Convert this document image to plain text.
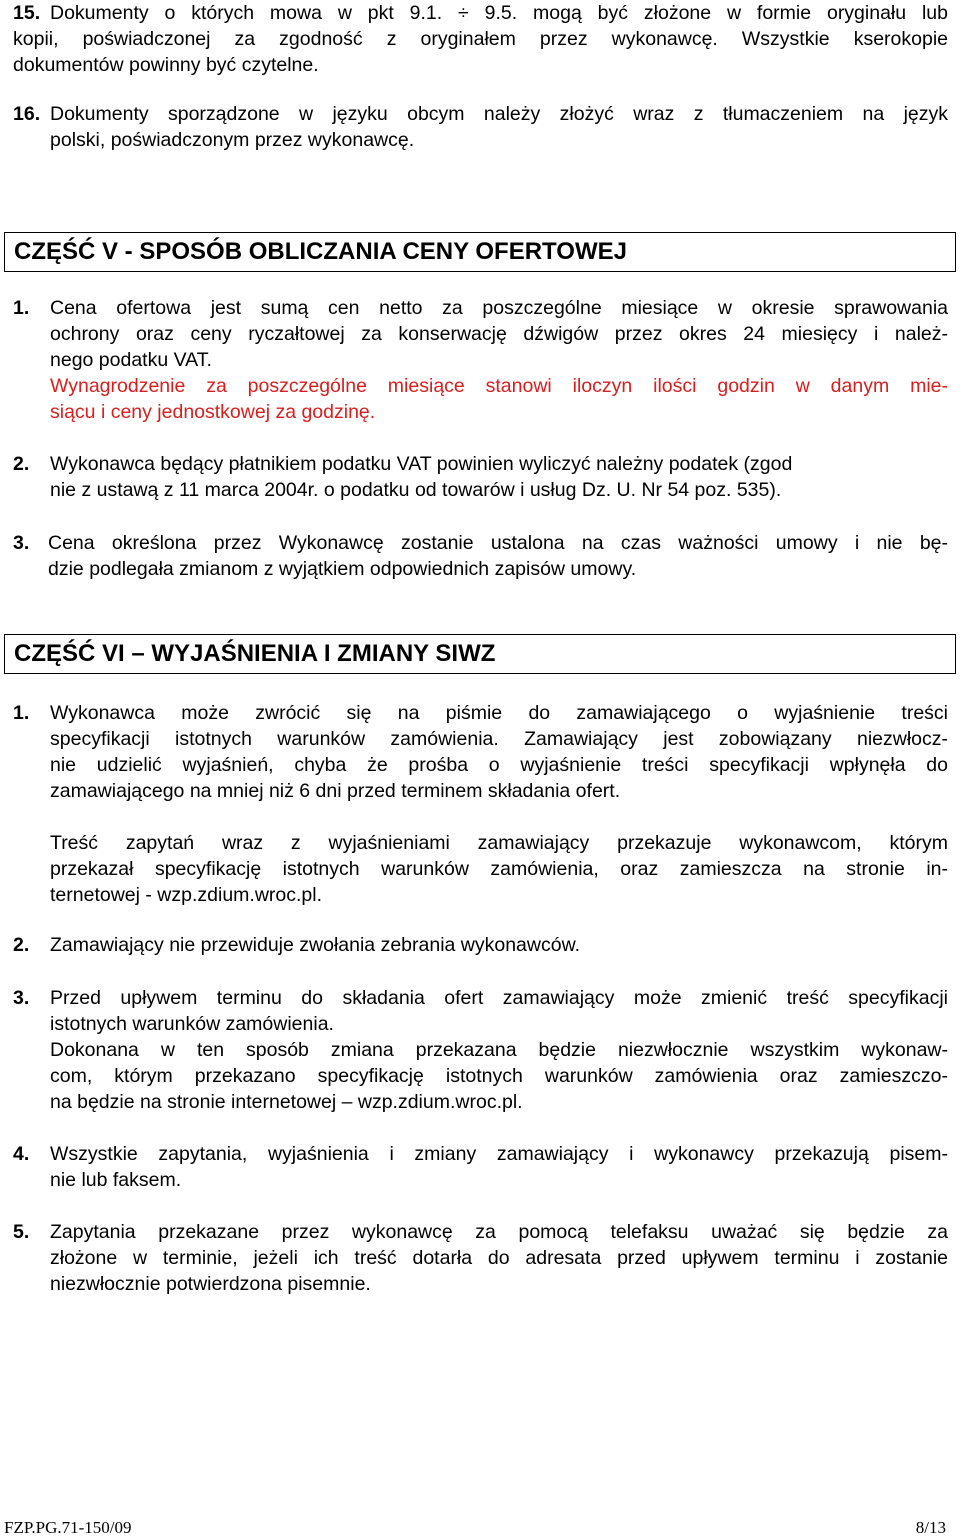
15. Dokumenty o których mowa w pkt 9.1. ÷ 9.5. mogą być złożone w formie oryginału lub
kopii, poświadczonej za zgodność z oryginałem przez wykonawcę. Wszystkie kserokopie
dokumentów powinny być czytelne.
16. Dokumenty sporządzone w języku obcym należy złożyć wraz z tłumaczeniem na język
polski, poświadczonym przez wykonawcę.
CZĘŚĆ V - SPOSÓB OBLICZANIA CENY OFERTOWEJ
1. Cena ofertowa jest sumą cen netto za poszczególne miesiące w okresie sprawowania
ochrony oraz ceny ryczałtowej za konserwację dźwigów przez okres 24 miesięcy i należ-
nego podatku VAT.
Wynagrodzenie za poszczególne miesiące stanowi iloczyn ilości godzin w danym mie-
siącu i ceny jednostkowej za godzinę.
2. Wykonawca będący płatnikiem podatku VAT powinien wyliczyć należny podatek (zgod
nie z ustawą z 11 marca 2004r. o podatku od towarów i usług Dz. U. Nr 54 poz. 535).
3. Cena określona przez Wykonawcę zostanie ustalona na czas ważności umowy i nie bę-
dzie podlegała zmianom z wyjątkiem odpowiednich zapisów umowy.
CZĘŚĆ VI – WYJAŚNIENIA I ZMIANY SIWZ
1. Wykonawca może zwrócić się na piśmie do zamawiającego o wyjaśnienie treści
specyfikacji istotnych warunków zamówienia. Zamawiający jest zobowiązany niezwłocz-
nie udzielić wyjaśnień, chyba że prośba o wyjaśnienie treści specyfikacji wpłynęła do
zamawiającego na mniej niż 6 dni przed terminem składania ofert.
Treść zapytań wraz z wyjaśnieniami zamawiający przekazuje wykonawcom, którym
przekazał specyfikację istotnych warunków zamówienia, oraz zamieszcza na stronie in-
ternetowej - wzp.zdium.wroc.pl.
2. Zamawiający nie przewiduje zwołania zebrania wykonawców.
3. Przed upływem terminu do składania ofert zamawiający może zmienić treść specyfikacji
istotnych warunków zamówienia.
Dokonana w ten sposób zmiana przekazana będzie niezwłocznie wszystkim wykonaw-
com, którym przekazano specyfikację istotnych warunków zamówienia oraz zamieszczo-
na będzie na stronie internetowej – wzp.zdium.wroc.pl.
4. Wszystkie zapytania, wyjaśnienia i zmiany zamawiający i wykonawcy przekazują pisem-
nie lub faksem.
5. Zapytania przekazane przez wykonawcę za pomocą telefaksu uważać się będzie za
złożone w terminie, jeżeli ich treść dotarła do adresata przed upływem terminu i zostanie
niezwłocznie potwierdzona pisemnie.
FZP.PG.71-150/09	8/13
